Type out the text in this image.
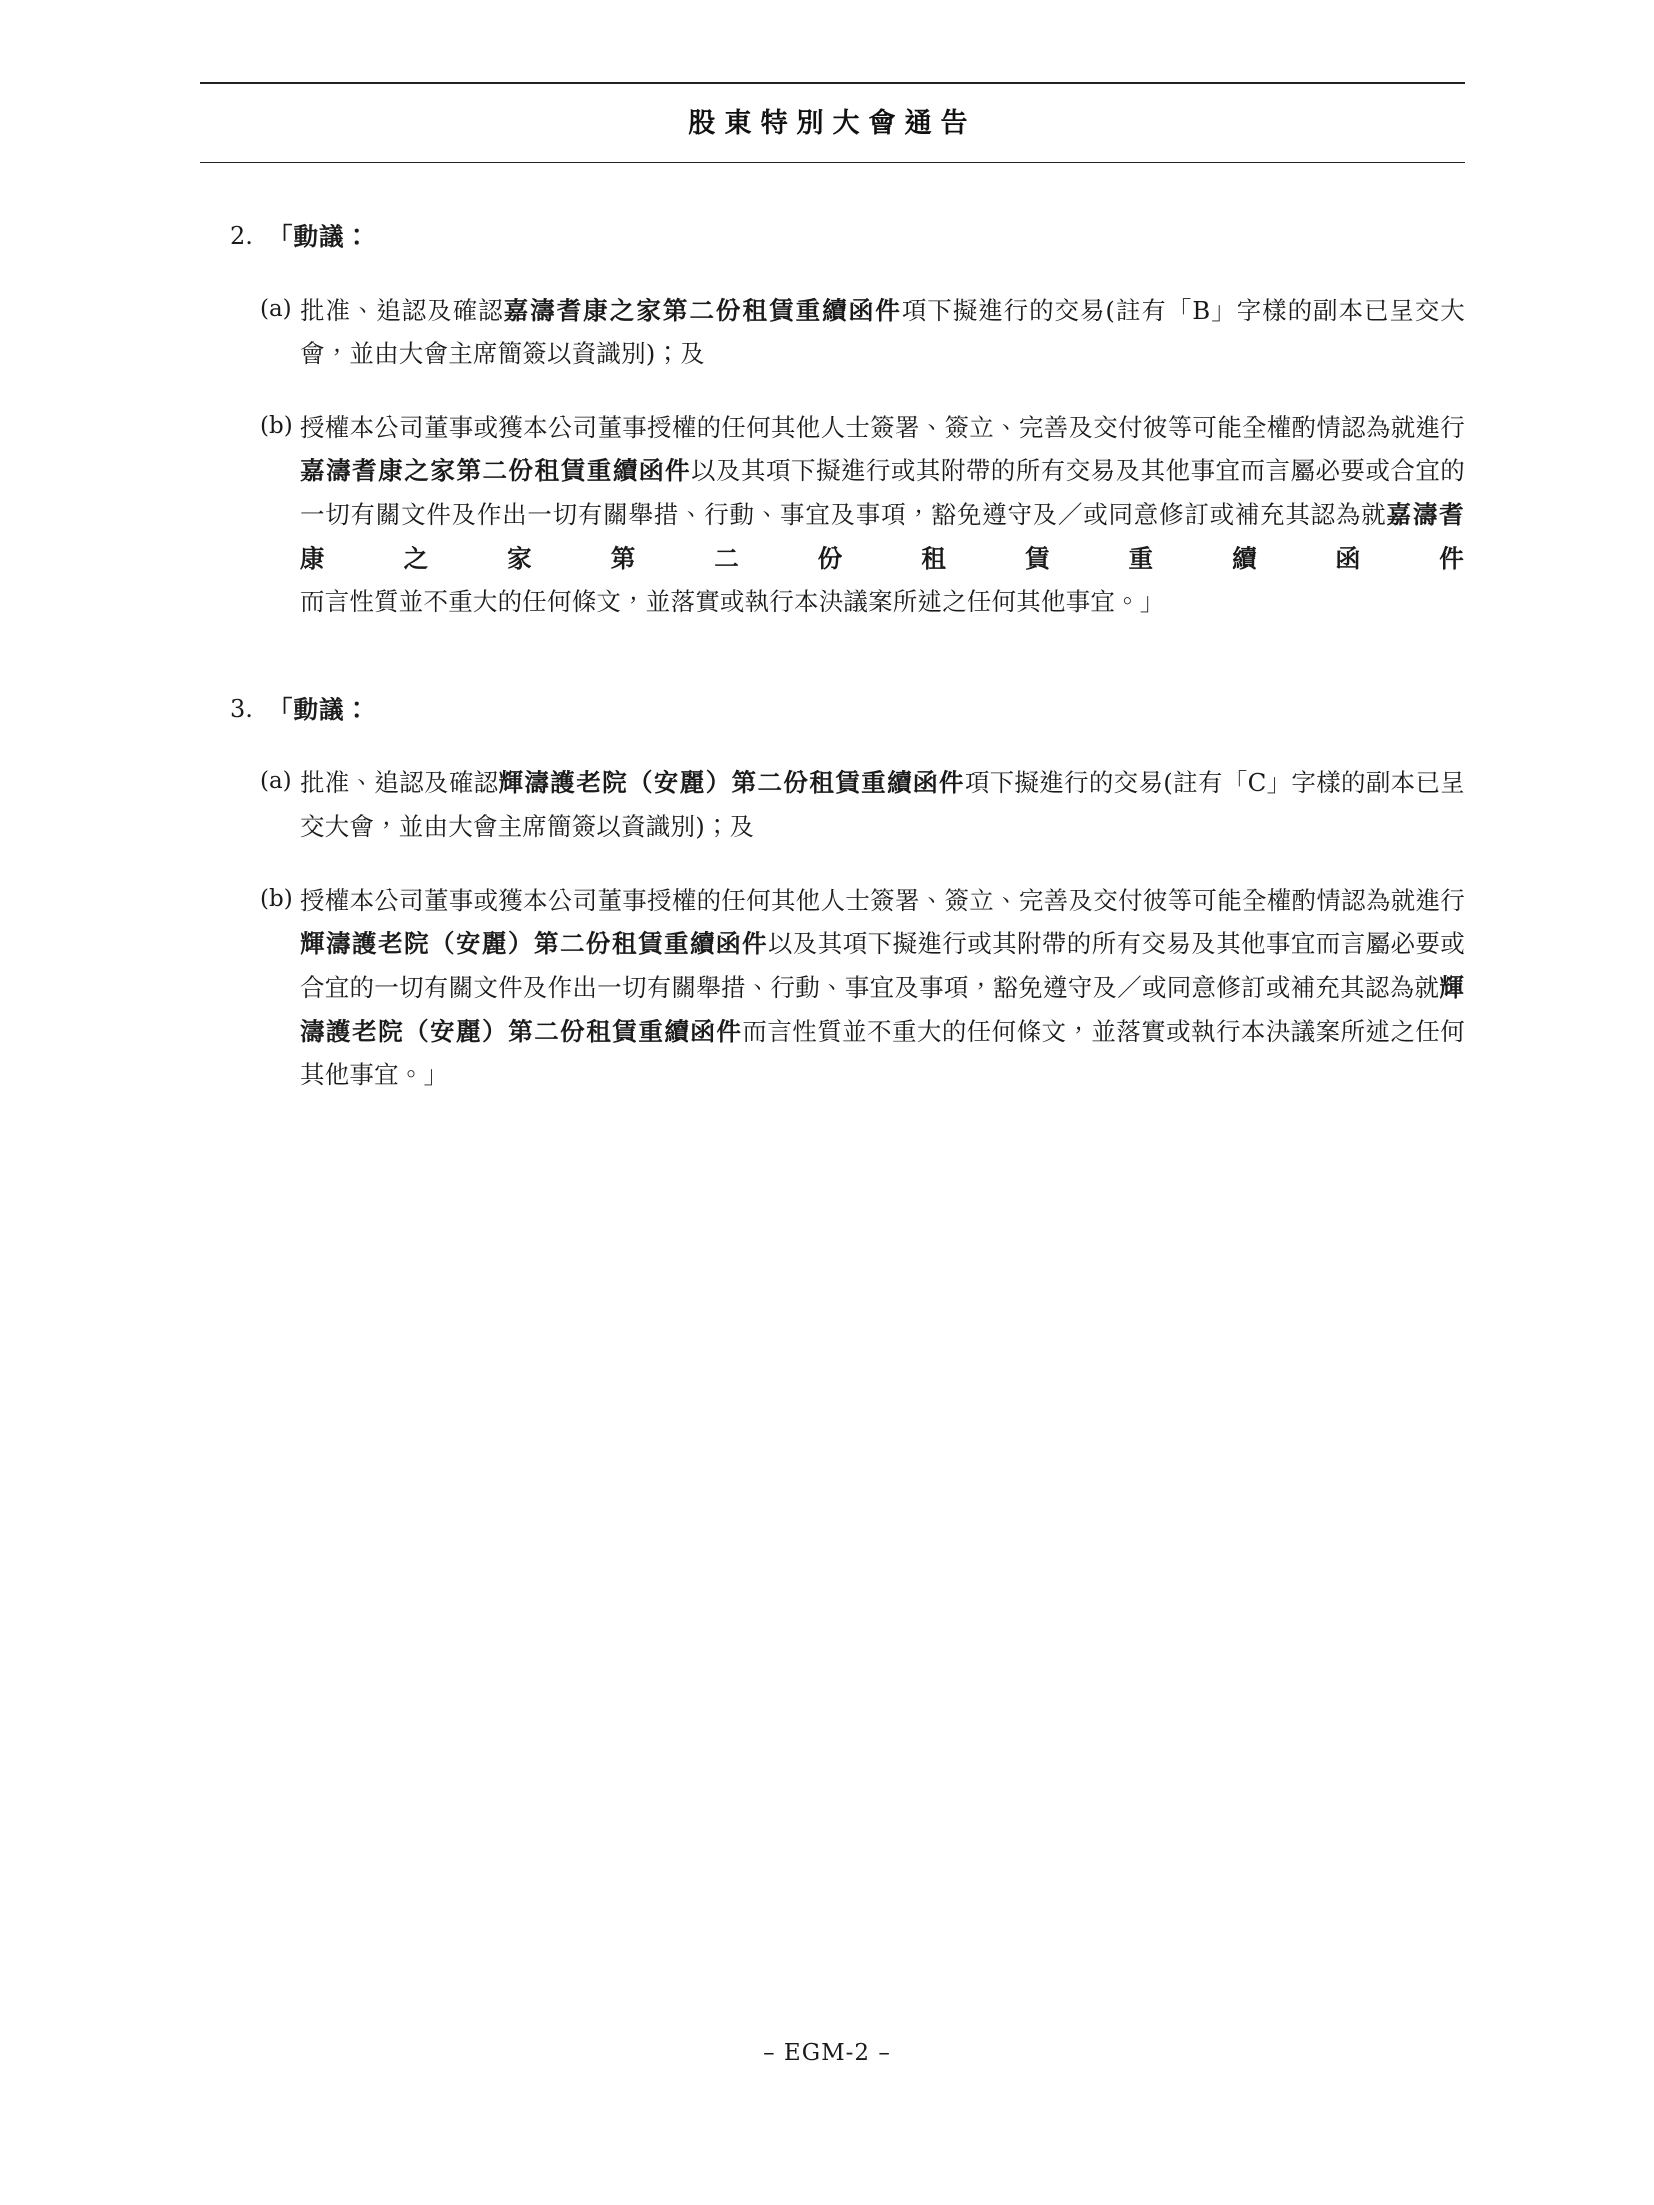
股東特別大會通告
2. 「動議：
(a) 批准、追認及確認嘉濤耆康之家第二份租賃重續函件項下擬進行的交易(註有「B」字樣的副本已呈交大會，並由大會主席簡簽以資識別)；及
(b) 授權本公司董事或獲本公司董事授權的任何其他人士簽署、簽立、完善及交付彼等可能全權酌情認為就進行嘉濤耆康之家第二份租賃重續函件以及其項下擬進行或其附帶的所有交易及其他事宜而言屬必要或合宜的一切有關文件及作出一切有關舉措、行動、事宜及事項，豁免遵守及／或同意修訂或補充其認為就嘉濤耆康之家第二份租賃重續函件而言性質並不重大的任何條文，並落實或執行本決議案所述之任何其他事宜。」
3. 「動議：
(a) 批准、追認及確認輝濤護老院（安麗）第二份租賃重續函件項下擬進行的交易(註有「C」字樣的副本已呈交大會，並由大會主席簡簽以資識別)；及
(b) 授權本公司董事或獲本公司董事授權的任何其他人士簽署、簽立、完善及交付彼等可能全權酌情認為就進行輝濤護老院（安麗）第二份租賃重續函件以及其項下擬進行或其附帶的所有交易及其他事宜而言屬必要或合宜的一切有關文件及作出一切有關舉措、行動、事宜及事項，豁免遵守及／或同意修訂或補充其認為就輝濤護老院（安麗）第二份租賃重續函件而言性質並不重大的任何條文，並落實或執行本決議案所述之任何其他事宜。」
– EGM-2 –
